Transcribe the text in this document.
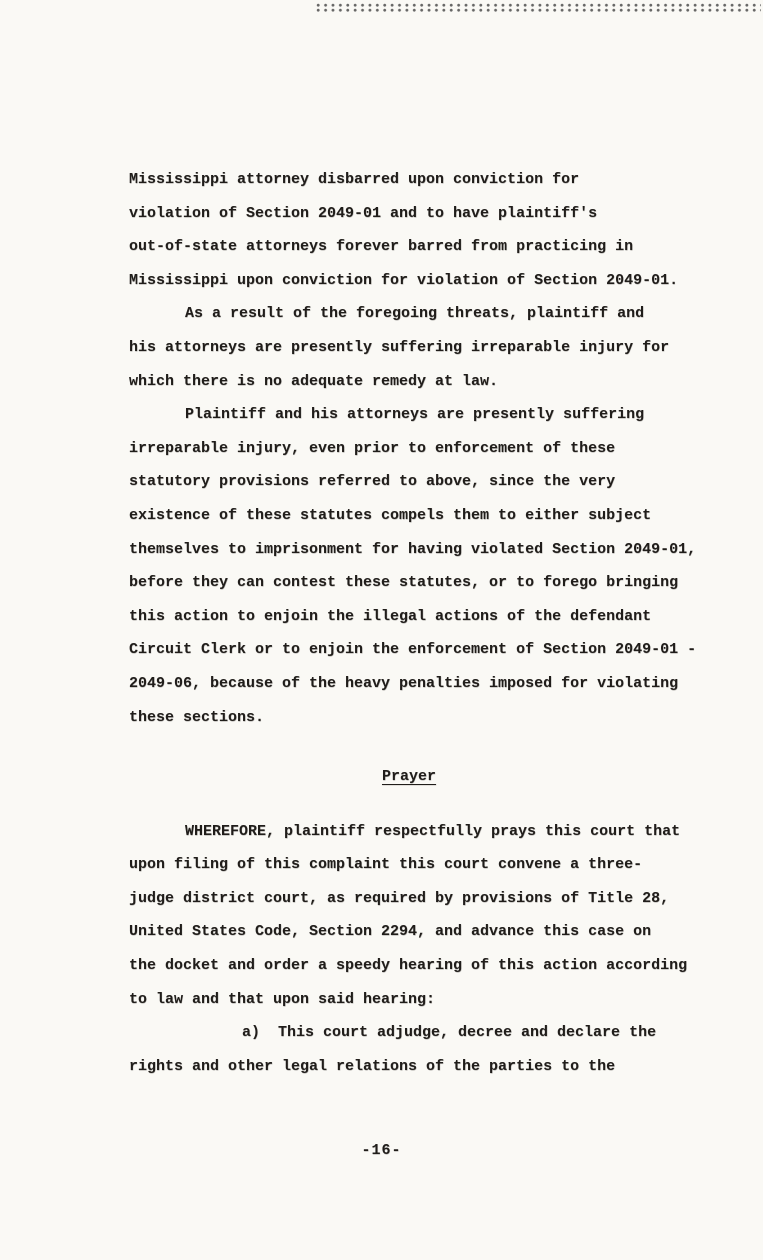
Mississippi attorney disbarred upon conviction for
violation of Section 2049-01 and to have plaintiff's
out-of-state attorneys forever barred from practicing in
Mississippi upon conviction for violation of Section 2049-01.
As a result of the foregoing threats, plaintiff and
his attorneys are presently suffering irreparable injury for
which there is no adequate remedy at law.
Plaintiff and his attorneys are presently suffering
irreparable injury, even prior to enforcement of these
statutory provisions referred to above, since the very
existence of these statutes compels them to either subject
themselves to imprisonment for having violated Section 2049-01,
before they can contest these statutes, or to forego bringing
this action to enjoin the illegal actions of the defendant
Circuit Clerk or to enjoin the enforcement of Section 2049-01 -
2049-06, because of the heavy penalties imposed for violating
these sections.
Prayer
WHEREFORE, plaintiff respectfully prays this court that
upon filing of this complaint this court convene a three-
judge district court, as required by provisions of Title 28,
United States Code, Section 2294, and advance this case on
the docket and order a speedy hearing of this action according
to law and that upon said hearing:
a)  This court adjudge, decree and declare the
rights and other legal relations of the parties to the
-16-
